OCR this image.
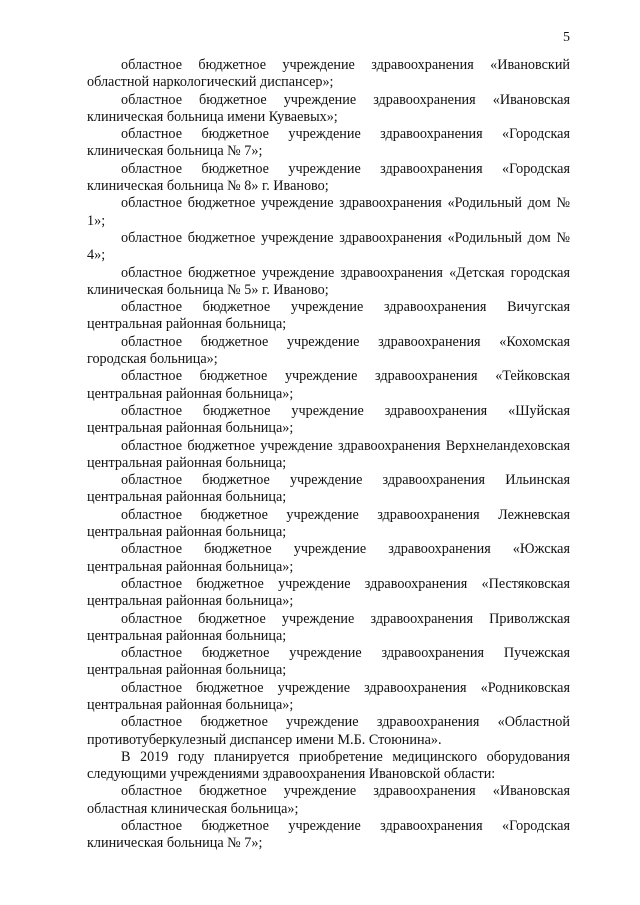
5

областное бюджетное учреждение здравоохранения «Ивановский областной наркологический диспансер»;

областное бюджетное учреждение здравоохранения «Ивановская клиническая больница имени Куваевых»;

областное бюджетное учреждение здравоохранения «Городская клиническая больница № 7»;

областное бюджетное учреждение здравоохранения «Городская клиническая больница № 8» г. Иваново;

областное бюджетное учреждение здравоохранения «Родильный дом № 1»;

областное бюджетное учреждение здравоохранения «Родильный дом № 4»;

областное бюджетное учреждение здравоохранения «Детская городская клиническая больница № 5» г. Иваново;

областное бюджетное учреждение здравоохранения Вичугская центральная районная больница;

областное бюджетное учреждение здравоохранения «Кохомская городская больница»;

областное бюджетное учреждение здравоохранения «Тейковская центральная районная больница»;

областное бюджетное учреждение здравоохранения «Шуйская центральная районная больница»;

областное бюджетное учреждение здравоохранения Верхнеландеховская центральная районная больница;

областное бюджетное учреждение здравоохранения Ильинская центральная районная больница;

областное бюджетное учреждение здравоохранения Лежневская центральная районная больница;

областное бюджетное учреждение здравоохранения «Южская центральная районная больница»;

областное бюджетное учреждение здравоохранения «Пестяковская центральная районная больница»;

областное бюджетное учреждение здравоохранения Приволжская центральная районная больница;

областное бюджетное учреждение здравоохранения Пучежская центральная районная больница;

областное бюджетное учреждение здравоохранения «Родниковская центральная районная больница»;

областное бюджетное учреждение здравоохранения «Областной противотуберкулезный диспансер имени М.Б. Стоюнина».

В 2019 году планируется приобретение медицинского оборудования следующими учреждениями здравоохранения Ивановской области:

областное бюджетное учреждение здравоохранения «Ивановская областная клиническая больница»;

областное бюджетное учреждение здравоохранения «Городская клиническая больница № 7»;
